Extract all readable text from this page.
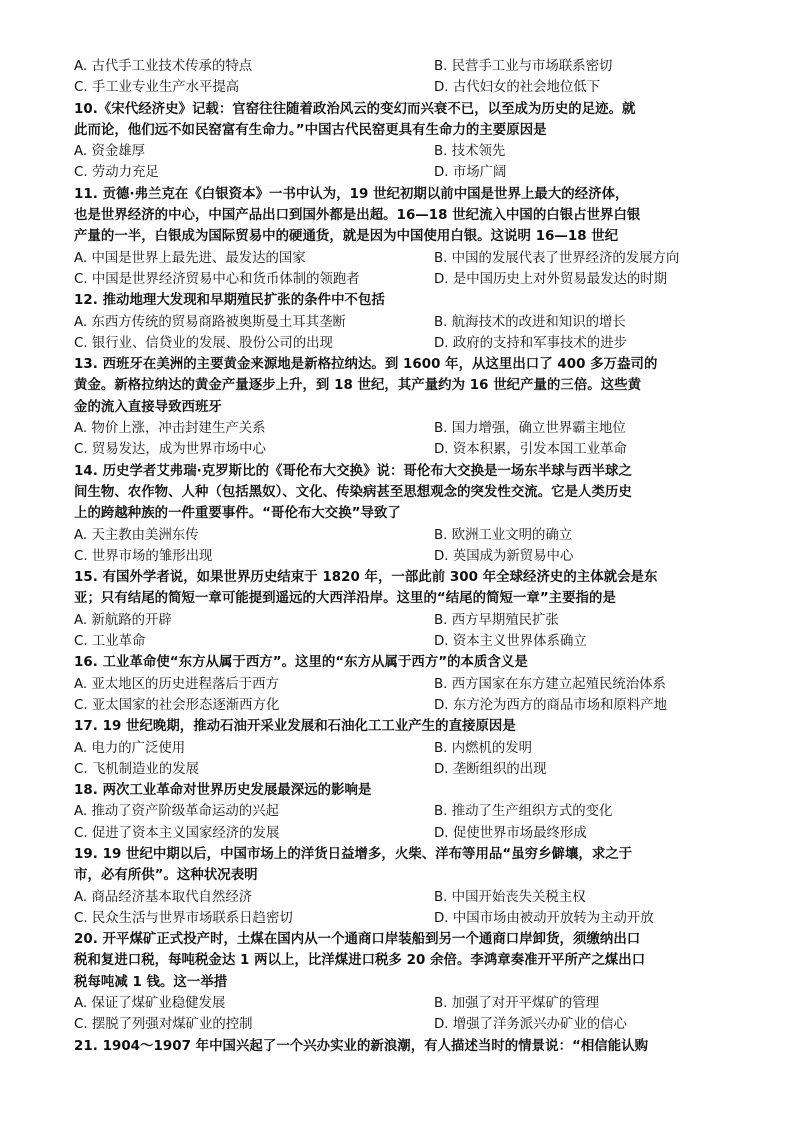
A. 古代手工业技术传承的特点	B. 民营手工业与市场联系密切
C. 手工业专业生产水平提高	D. 古代妇女的社会地位低下
10.《宋代经济史》记载：官窑往往随着政治风云的变幻而兴衰不已，以至成为历史的足迹。就
此而论，他们远不如民窑富有生命力。”中国古代民窑更具有生命力的主要原因是
A. 资金雄厚	B. 技术领先
C. 劳动力充足	D. 市场广阔
11. 贡德·弗兰克在《白银资本》一书中认为，19 世纪初期以前中国是世界上最大的经济体，
也是世界经济的中心，中国产品出口到国外都是出超。16—18 世纪流入中国的白银占世界白银
产量的一半，白银成为国际贸易中的硬通货，就是因为中国使用白银。这说明 16—18 世纪
A. 中国是世界上最先进、最发达的国家	B. 中国的发展代表了世界经济的发展方向
C. 中国是世界经济贸易中心和货币体制的领跑者	D. 是中国历史上对外贸易最发达的时期
12. 推动地理大发现和早期殖民扩张的条件中不包括
A. 东西方传统的贸易商路被奥斯曼土耳其垄断	B. 航海技术的改进和知识的增长
C. 银行业、信贷业的发展、股份公司的出现	D. 政府的支持和军事技术的进步
13. 西班牙在美洲的主要黄金来源地是新格拉纳达。到 1600 年，从这里出口了 400 多万盎司的
黄金。新格拉纳达的黄金产量逐步上升，到 18 世纪，其产量约为 16 世纪产量的三倍。这些黄
金的流入直接导致西班牙
A. 物价上涨，冲击封建生产关系	B. 国力增强，确立世界霸主地位
C. 贸易发达，成为世界市场中心	D. 资本积累，引发本国工业革命
14. 历史学者艾弗瑞·克罗斯比的《哥伦布大交换》说：哥伦布大交换是一场东半球与西半球之
间生物、农作物、人种（包括黑奴）、文化、传染病甚至思想观念的突发性交流。它是人类历史
上的跨越种族的一件重要事件。“哥伦布大交换”导致了
A. 天主教由美洲东传	B. 欧洲工业文明的确立
C. 世界市场的雏形出现	D. 英国成为新贸易中心
15. 有国外学者说，如果世界历史结束于 1820 年，一部此前 300 年全球经济史的主体就会是东
亚；只有结尾的简短一章可能提到遥远的大西洋沿岸。这里的“结尾的简短一章”主要指的是
A. 新航路的开辟	B. 西方早期殖民扩张
C. 工业革命	D. 资本主义世界体系确立
16. 工业革命使“东方从属于西方”。这里的“东方从属于西方”的本质含义是
A. 亚太地区的历史进程落后于西方	B. 西方国家在东方建立起殖民统治体系
C. 亚太国家的社会形态逐渐西方化	D. 东方沦为西方的商品市场和原料产地
17. 19 世纪晚期，推动石油开采业发展和石油化工工业产生的直接原因是
A. 电力的广泛使用	B. 内燃机的发明
C. 飞机制造业的发展	D. 垄断组织的出现
18. 两次工业革命对世界历史发展最深远的影响是
A. 推动了资产阶级革命运动的兴起	B. 推动了生产组织方式的变化
C. 促进了资本主义国家经济的发展	D. 促使世界市场最终形成
19. 19 世纪中期以后，中国市场上的洋货日益增多，火柴、洋布等用品“虽穷乡僻壤，求之于
市，必有所供”。这种状况表明
A. 商品经济基本取代自然经济	B. 中国开始丧失关税主权
C. 民众生活与世界市场联系日趋密切	D. 中国市场由被动开放转为主动开放
20. 开平煤矿正式投产时，土煤在国内从一个通商口岸装船到另一个通商口岸卸货，须缴纳出口
税和复进口税，每吨税金达 1 两以上，比洋煤进口税多 20 余倍。李鸿章奏准开平所产之煤出口
税每吨减 1 钱。这一举措
A. 保证了煤矿业稳健发展	B. 加强了对开平煤矿的管理
C. 摆脱了列强对煤矿业的控制	D. 增强了洋务派兴办矿业的信心
21. 1904～1907 年中国兴起了一个兴办实业的新浪潮，有人描述当时的情景说：“相信能认购
